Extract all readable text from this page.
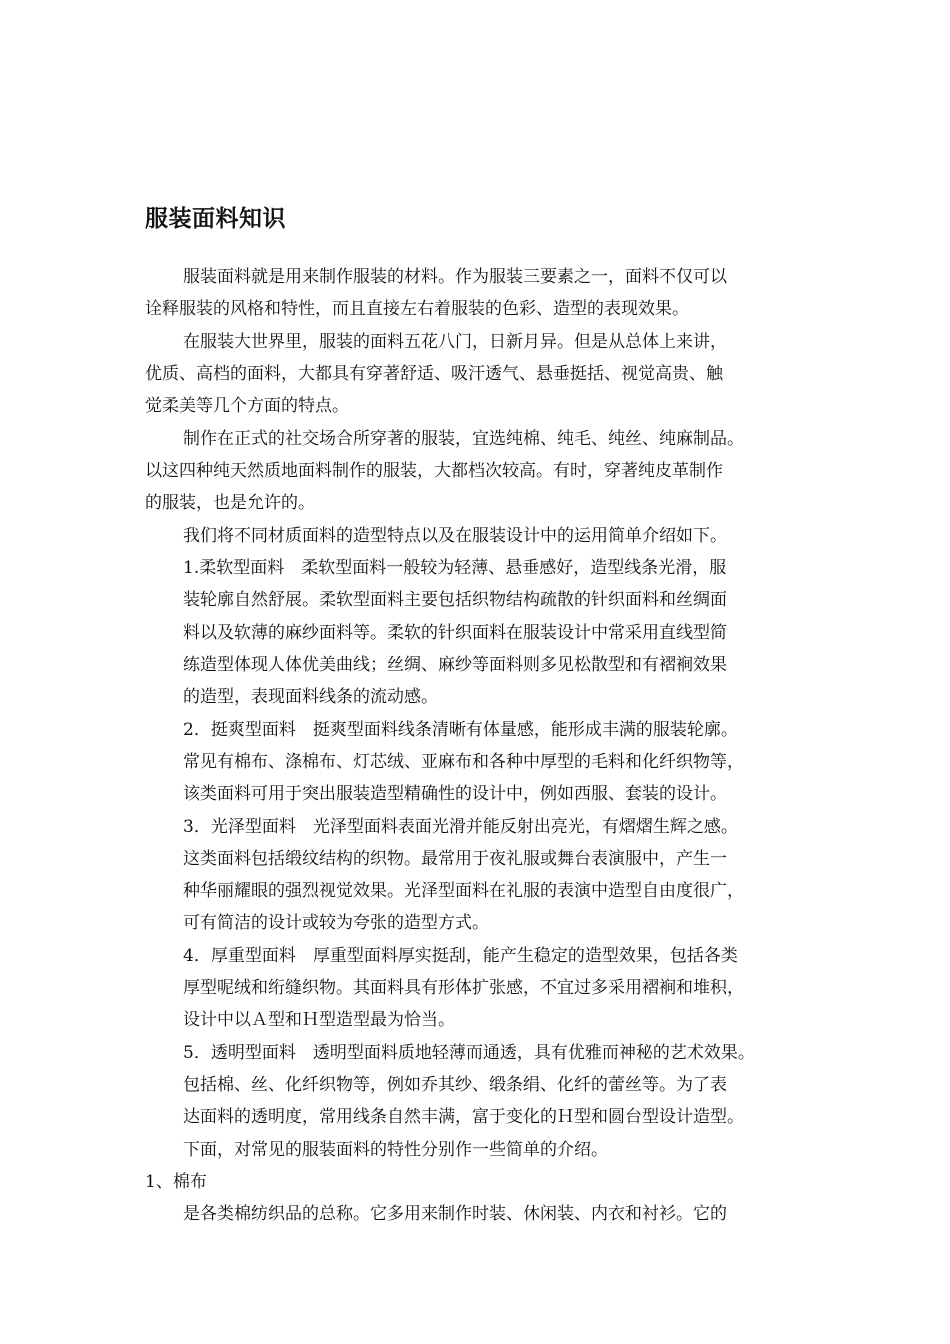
服装面料知识

服装面料就是用来制作服装的材料。作为服装三要素之一，面料不仅可以

诠释服装的风格和特性，而且直接左右着服装的色彩、造型的表现效果。

在服装大世界里，服装的面料五花八门，日新月异。但是从总体上来讲，

优质、高档的面料，大都具有穿著舒适、吸汗透气、悬垂挺括、视觉高贵、触

觉柔美等几个方面的特点。

制作在正式的社交场合所穿著的服装，宜选纯棉、纯毛、纯丝、纯麻制品。

以这四种纯天然质地面料制作的服装，大都档次较高。有时，穿著纯皮革制作

的服装，也是允许的。

我们将不同材质面料的造型特点以及在服装设计中的运用简单介绍如下。

1.柔软型面料　柔软型面料一般较为轻薄、悬垂感好，造型线条光滑，服

装轮廓自然舒展。柔软型面料主要包括织物结构疏散的针织面料和丝绸面

料以及软薄的麻纱面料等。柔软的针织面料在服装设计中常采用直线型简

练造型体现人体优美曲线；丝绸、麻纱等面料则多见松散型和有褶裥效果

的造型，表现面料线条的流动感。

2．挺爽型面料　挺爽型面料线条清晰有体量感，能形成丰满的服装轮廓。

常见有棉布、涤棉布、灯芯绒、亚麻布和各种中厚型的毛料和化纤织物等，

该类面料可用于突出服装造型精确性的设计中，例如西服、套装的设计。

3．光泽型面料　光泽型面料表面光滑并能反射出亮光，有熠熠生辉之感。

这类面料包括缎纹结构的织物。最常用于夜礼服或舞台表演服中，产生一

种华丽耀眼的强烈视觉效果。光泽型面料在礼服的表演中造型自由度很广，

可有简洁的设计或较为夸张的造型方式。

4．厚重型面料　厚重型面料厚实挺刮，能产生稳定的造型效果，包括各类

厚型呢绒和绗缝织物。其面料具有形体扩张感，不宜过多采用褶裥和堆积，

设计中以Ａ型和Ｈ型造型最为恰当。

5．透明型面料　透明型面料质地轻薄而通透，具有优雅而神秘的艺术效果。

包括棉、丝、化纤织物等，例如乔其纱、缎条绢、化纤的蕾丝等。为了表

达面料的透明度，常用线条自然丰满，富于变化的Ｈ型和圆台型设计造型。

下面，对常见的服装面料的特性分别作一些简单的介绍。

1、棉布

是各类棉纺织品的总称。它多用来制作时装、休闲装、内衣和衬衫。它的
